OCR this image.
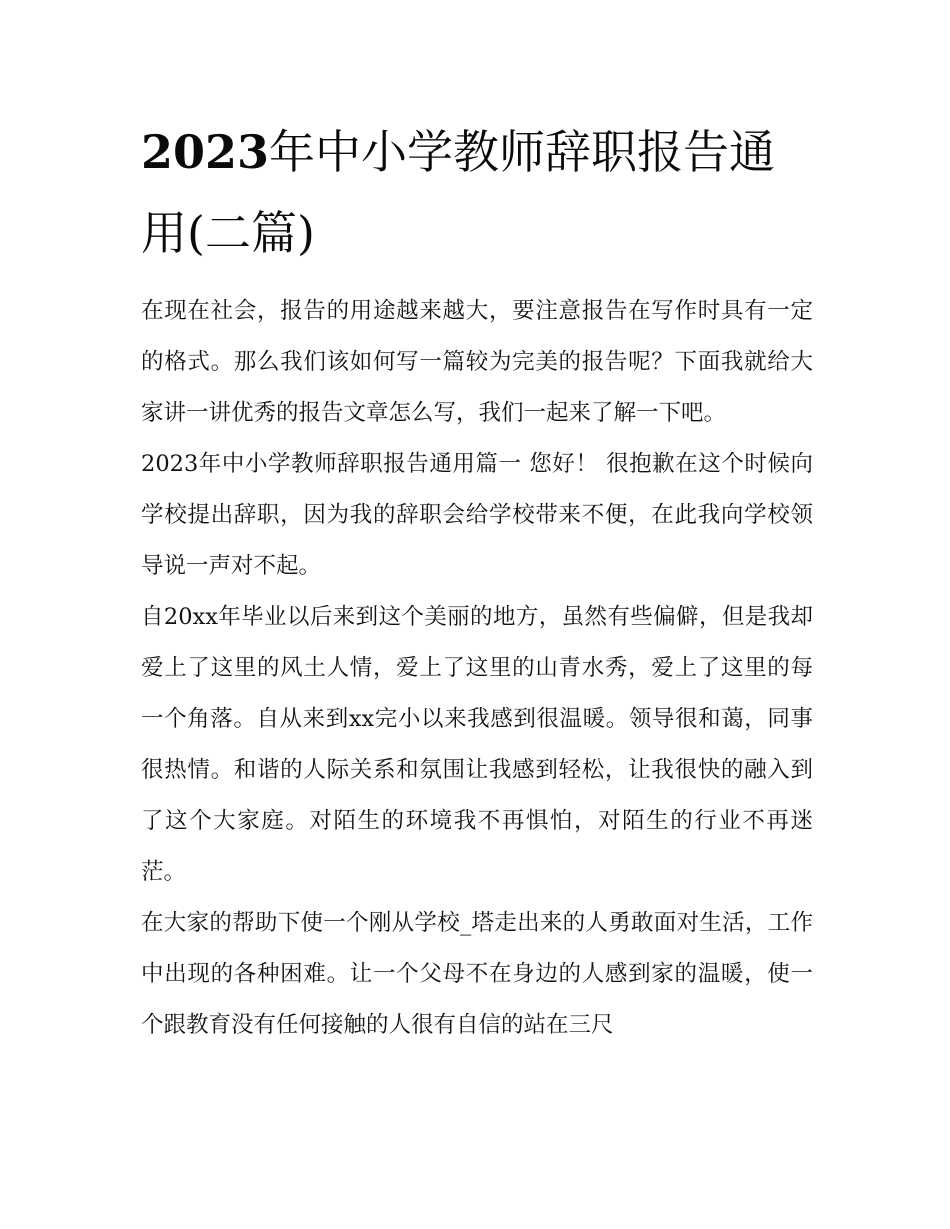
2023年中小学教师辞职报告通用(二篇)

在现在社会，报告的用途越来越大，要注意报告在写作时具有一定的格式。那么我们该如何写一篇较为完美的报告呢？下面我就给大家讲一讲优秀的报告文章怎么写，我们一起来了解一下吧。

2023年中小学教师辞职报告通用篇一 您好！ 很抱歉在这个时候向学校提出辞职，因为我的辞职会给学校带来不便，在此我向学校领导说一声对不起。

自20xx年毕业以后来到这个美丽的地方，虽然有些偏僻，但是我却爱上了这里的风土人情，爱上了这里的山青水秀，爱上了这里的每一个角落。自从来到xx完小以来我感到很温暖。领导很和蔼，同事很热情。和谐的人际关系和氛围让我感到轻松，让我很快的融入到了这个大家庭。对陌生的环境我不再惧怕，对陌生的行业不再迷茫。

在大家的帮助下使一个刚从学校_塔走出来的人勇敢面对生活，工作中出现的各种困难。让一个父母不在身边的人感到家的温暖，使一个跟教育没有任何接触的人很有自信的站在三尺
